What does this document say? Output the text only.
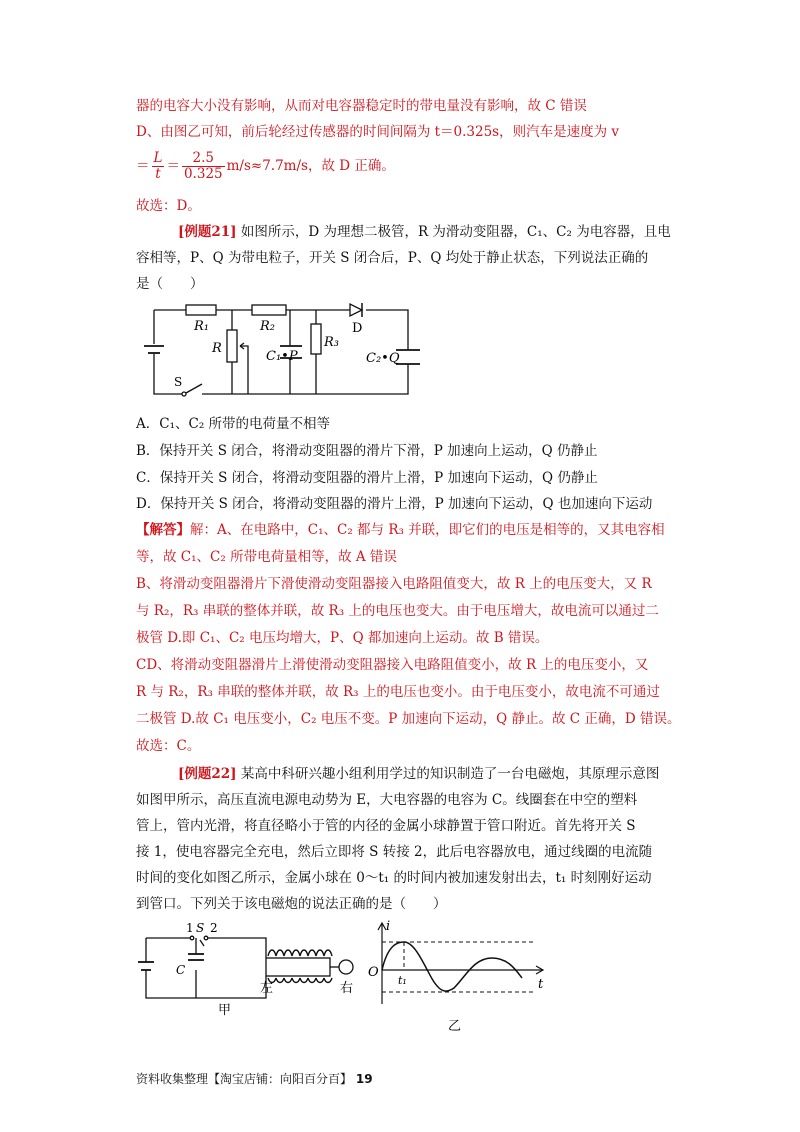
器的电容大小没有影响，从而对电容器稳定时的带电量没有影响，故 C 错误
D、由图乙可知，前后轮经过传感器的时间间隔为 t＝0.325s，则汽车是速度为 v
＝ $\frac{L}{t} = \frac{2.5}{0.325} m/s\approx 7.7m/s$，故 D 正确。
故选：D。
[例题21] 如图所示，D 为理想二极管，R 为滑动变阻器，C₁、C₂ 为电容器，且电
容相等，P、Q 为带电粒子，开关 S 闭合后，P、Q 均处于静止状态，下列说法正确的
是（　　）
R₁	R₂
R
C₁•P
R₃
D
C₂•Q
S
A．C₁、C₂ 所带的电荷量不相等
B．保持开关 S 闭合，将滑动变阻器的滑片下滑，P 加速向上运动，Q 仍静止
C．保持开关 S 闭合，将滑动变阻器的滑片上滑，P 加速向下运动，Q 仍静止
D．保持开关 S 闭合，将滑动变阻器的滑片上滑，P 加速向下运动，Q 也加速向下运动
【解答】解：A、在电路中，C₁、C₂ 都与 R₃ 并联，即它们的电压是相等的，又其电容相
等，故 C₁、C₂ 所带电荷量相等，故 A 错误
B、将滑动变阻器滑片下滑使滑动变阻器接入电路阻值变大，故 R 上的电压变大，又 R
与 R₂，R₃ 串联的整体并联，故 R₃ 上的电压也变大。由于电压增大，故电流可以通过二
极管 D.即 C₁、C₂ 电压均增大，P、Q 都加速向上运动。故 B 错误。
CD、将滑动变阻器滑片上滑使滑动变阻器接入电路阻值变小，故 R 上的电压变小，又
R 与 R₂，R₃ 串联的整体并联，故 R₃ 上的电压也变小。由于电压变小，故电流不可通过
二极管 D.故 C₁ 电压变小，C₂ 电压不变。P 加速向下运动，Q 静止。故 C 正确，D 错误。
故选：C。
[例题22] 某高中科研兴趣小组利用学过的知识制造了一台电磁炮，其原理示意图
如图甲所示，高压直流电源电动势为 E，大电容器的电容为 C。线圈套在中空的塑料
管上，管内光滑，将直径略小于管的内径的金属小球静置于管口附近。首先将开关 S
接 1，使电容器完全充电，然后立即将 S 转接 2，此后电容器放电，通过线圈的电流随
时间的变化如图乙所示，金属小球在 0～t₁ 的时间内被加速发射出去，t₁ 时刻刚好运动
到管口。下列关于该电磁炮的说法正确的是（　　）
1 S 2
C
左	右
甲
i
O
t₁	t
乙
资料收集整理【淘宝店铺：向阳百分百】 19
